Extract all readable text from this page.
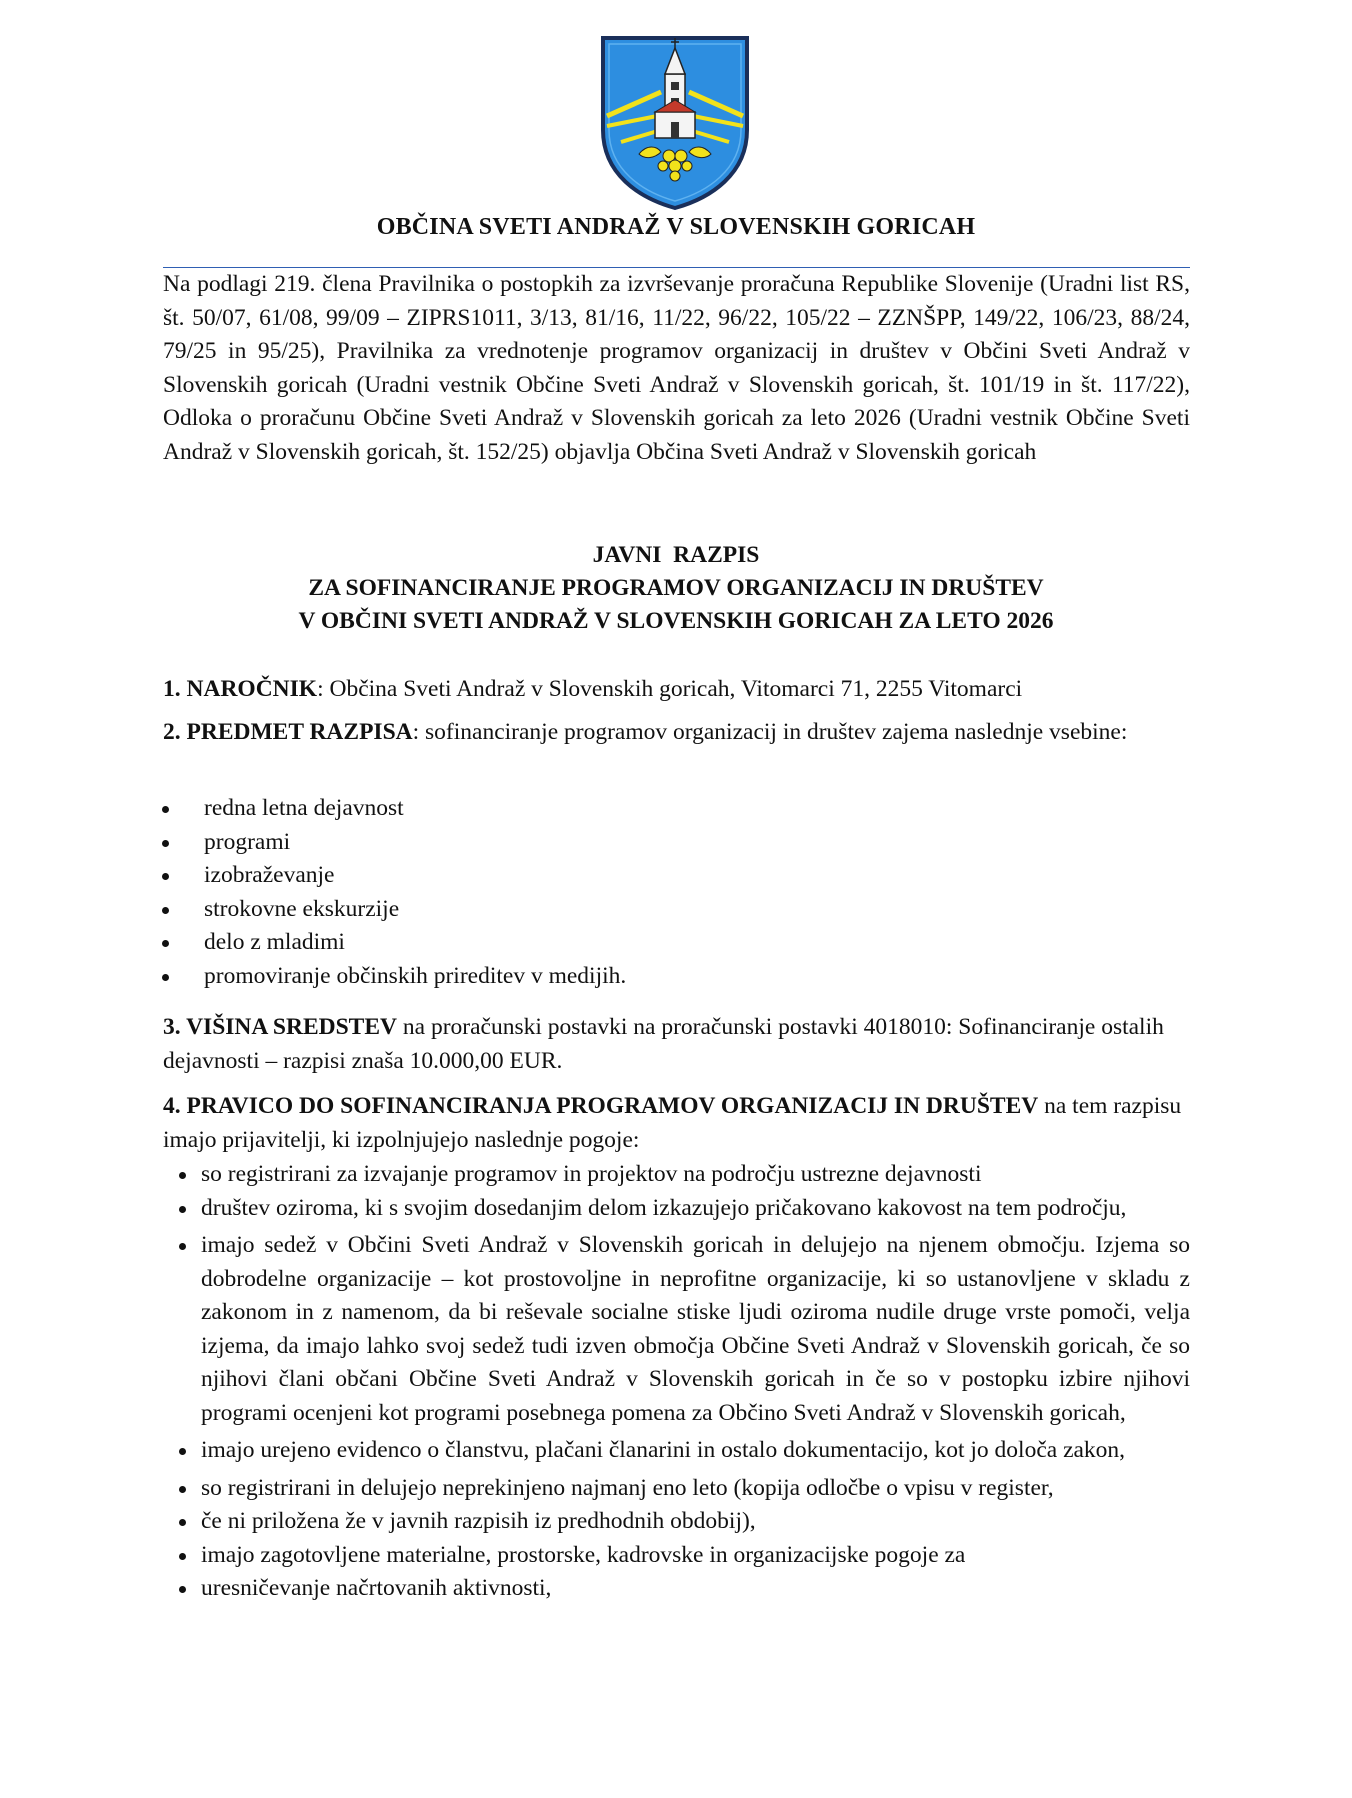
OBČINA SVETI ANDRAŽ V SLOVENSKIH GORICAH

Na podlagi 219. člena Pravilnika o postopkih za izvrševanje proračuna Republike Slovenije (Uradni list RS, št. 50/07, 61/08, 99/09 – ZIPRS1011, 3/13, 81/16, 11/22, 96/22, 105/22 – ZZNŠPP, 149/22, 106/23, 88/24, 79/25 in 95/25), Pravilnika za vrednotenje programov organizacij in društev v Občini Sveti Andraž v Slovenskih goricah (Uradni vestnik Občine Sveti Andraž v Slovenskih goricah, št. 101/19 in št. 117/22), Odloka o proračunu Občine Sveti Andraž v Slovenskih goricah za leto 2026 (Uradni vestnik Občine Sveti Andraž v Slovenskih goricah, št. 152/25) objavlja Občina Sveti Andraž v Slovenskih goricah

JAVNI  RAZPIS
ZA SOFINANCIRANJE PROGRAMOV ORGANIZACIJ IN DRUŠTEV
V OBČINI SVETI ANDRAŽ V SLOVENSKIH GORICAH ZA LETO 2026

1. NAROČNIK: Občina Sveti Andraž v Slovenskih goricah, Vitomarci 71, 2255 Vitomarci

2. PREDMET RAZPISA: sofinanciranje programov organizacij in društev zajema naslednje vsebine:

redna letna dejavnost
programi
izobraževanje
strokovne ekskurzije
delo z mladimi
promoviranje občinskih prireditev v medijih.

3. VIŠINA SREDSTEV na proračunski postavki na proračunski postavki 4018010: Sofinanciranje ostalih dejavnosti – razpisi znaša 10.000,00 EUR.

4. PRAVICO DO SOFINANCIRANJA PROGRAMOV ORGANIZACIJ IN DRUŠTEV na tem razpisu imajo prijavitelji, ki izpolnjujejo naslednje pogoje:

so registrirani za izvajanje programov in projektov na področju ustrezne dejavnosti
društev oziroma, ki s svojim dosedanjim delom izkazujejo pričakovano kakovost na tem področju,
imajo sedež v Občini Sveti Andraž v Slovenskih goricah in delujejo na njenem območju. Izjema so dobrodelne organizacije – kot prostovoljne in neprofitne organizacije, ki so ustanovljene v skladu z zakonom in z namenom, da bi reševale socialne stiske ljudi oziroma nudile druge vrste pomoči, velja izjema, da imajo lahko svoj sedež tudi izven območja Občine Sveti Andraž v Slovenskih goricah, če so njihovi člani občani Občine Sveti Andraž v Slovenskih goricah in če so v postopku izbire njihovi programi ocenjeni kot programi posebnega pomena za Občino Sveti Andraž v Slovenskih goricah,
imajo urejeno evidenco o članstvu, plačani članarini in ostalo dokumentacijo, kot jo določa zakon,
so registrirani in delujejo neprekinjeno najmanj eno leto (kopija odločbe o vpisu v register,
če ni priložena že v javnih razpisih iz predhodnih obdobij),
imajo zagotovljene materialne, prostorske, kadrovske in organizacijske pogoje za
uresničevanje načrtovanih aktivnosti,
